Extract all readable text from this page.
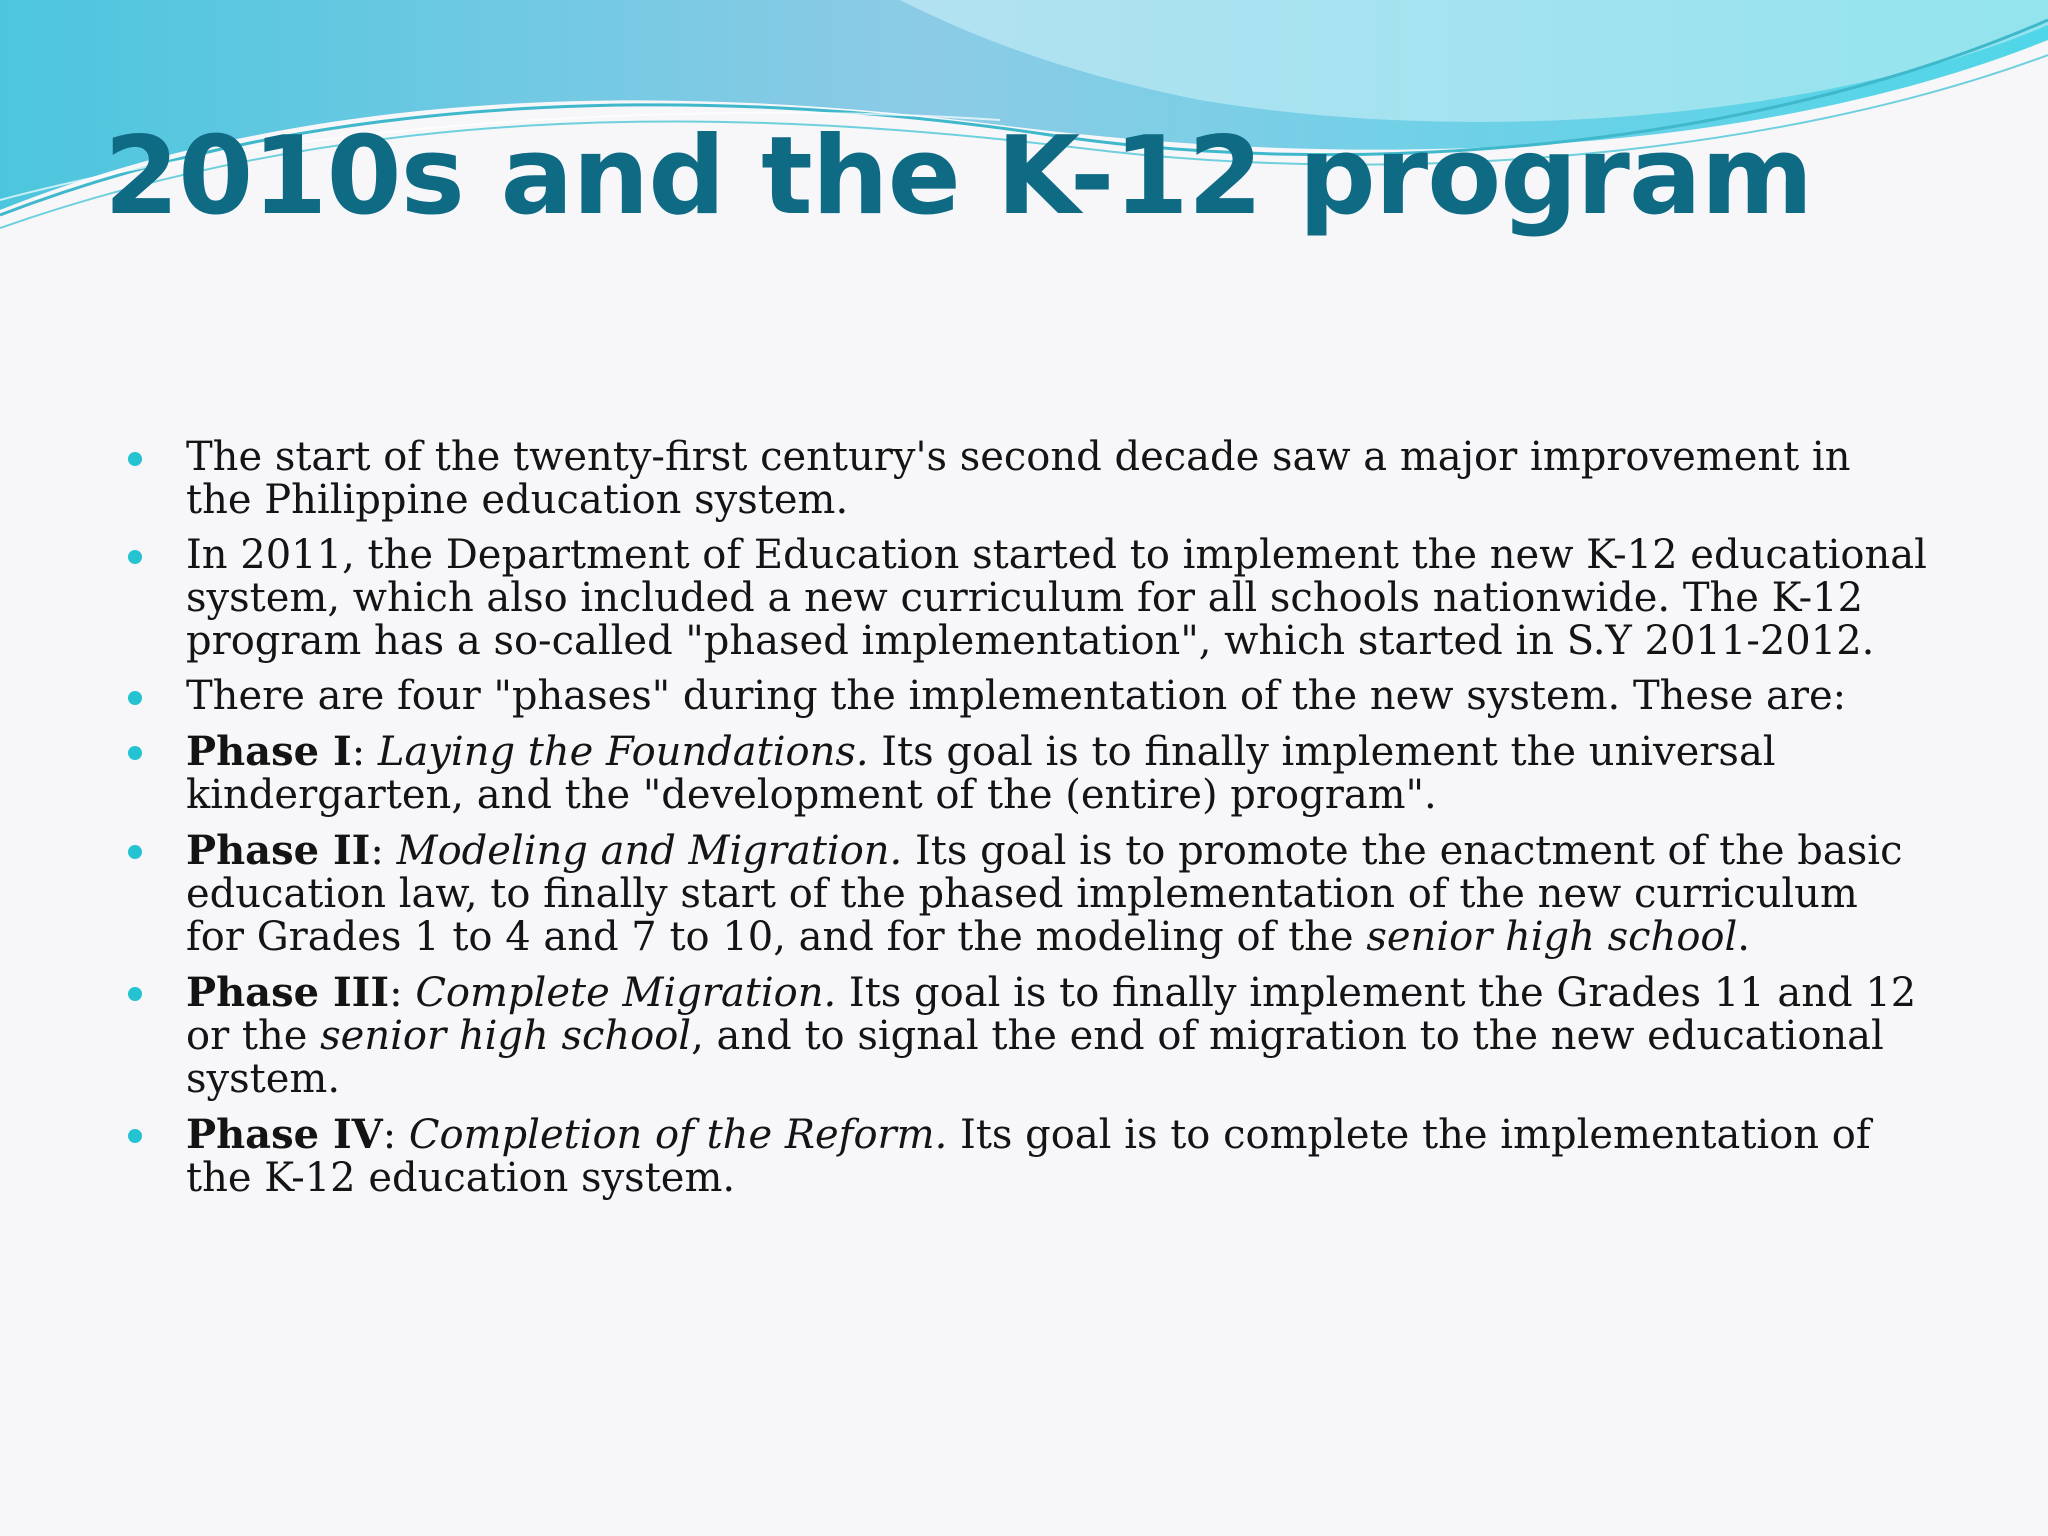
2010s and the K-12 program
The start of the twenty-first century's second decade saw a major improvement in the Philippine education system.
In 2011, the Department of Education started to implement the new K-12 educational system, which also included a new curriculum for all schools nationwide. The K-12 program has a so-called "phased implementation", which started in S.Y 2011-2012.
There are four "phases" during the implementation of the new system. These are:
Phase I: Laying the Foundations. Its goal is to finally implement the universal kindergarten, and the "development of the (entire) program".
Phase II: Modeling and Migration. Its goal is to promote the enactment of the basic education law, to finally start of the phased implementation of the new curriculum for Grades 1 to 4 and 7 to 10, and for the modeling of the senior high school.
Phase III: Complete Migration. Its goal is to finally implement the Grades 11 and 12 or the senior high school, and to signal the end of migration to the new educational system.
Phase IV: Completion of the Reform. Its goal is to complete the implementation of the K-12 education system.
